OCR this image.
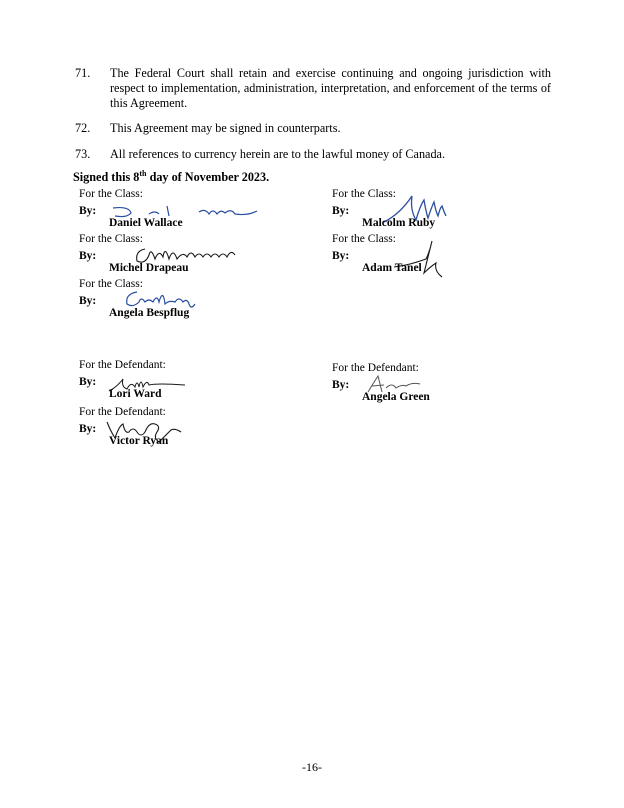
71.	The Federal Court shall retain and exercise continuing and ongoing jurisdiction with respect to implementation, administration, interpretation, and enforcement of the terms of this Agreement.
72.	This Agreement may be signed in counterparts.
73.	All references to currency herein are to the lawful money of Canada.
Signed this 8th day of November 2023.
For the Class:
By:
Daniel Wallace
For the Class:
By:
Malcolm Ruby
For the Class:
By:
Michel Drapeau
For the Class:
By:
Adam Tanel
For the Class:
By:
Angela Bespflug
For the Defendant:
By:
Lori Ward
For the Defendant:
By:
Angela Green
For the Defendant:
By:
Victor Ryan
-16-
